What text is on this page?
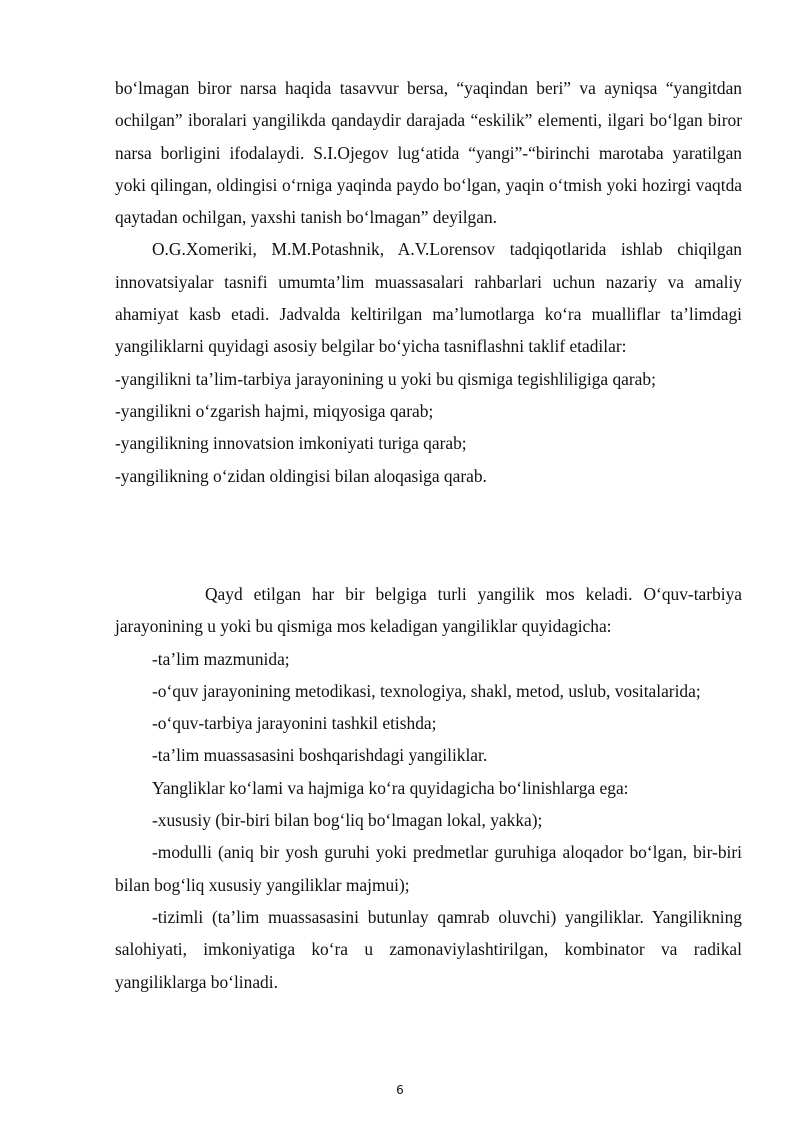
bo‘lmagan biror narsa haqida tasavvur bersa, “yaqindan beri” va ayniqsa “yangitdan ochilgan” iboralari yangilikda qandaydir darajada “eskilik” elementi, ilgari bo‘lgan biror narsa borligini ifodalaydi. S.I.Ojegov lug‘atida “yangi”-“birinchi marotaba yaratilgan yoki qilingan, oldingisi o‘rniga yaqinda paydo bo‘lgan, yaqin o‘tmish yoki hozirgi vaqtda qaytadan ochilgan, yaxshi tanish bo‘lmagan” deyilgan.

O.G.Xomeriki, M.M.Potashnik, A.V.Lorensov tadqiqotlarida ishlab chiqilgan innovatsiyalar tasnifi umumta’lim muassasalari rahbarlari uchun nazariy va amaliy ahamiyat kasb etadi. Jadvalda keltirilgan ma’lumotlarga ko‘ra mualliflar ta’limdagi yangiliklarni quyidagi asosiy belgilar bo‘yicha tasniflashni taklif etadilar:

-yangilikni ta’lim-tarbiya jarayonining u yoki bu qismiga tegishliligiga qarab;

-yangilikni o‘zgarish hajmi, miqyosiga qarab;

-yangilikning innovatsion imkoniyati turiga qarab;

-yangilikning o‘zidan oldingisi bilan aloqasiga qarab.

Qayd etilgan har bir belgiga turli yangilik mos keladi. O‘quv-tarbiya jarayonining u yoki bu qismiga mos keladigan yangiliklar quyidagicha:

-ta’lim mazmunida;

-o‘quv jarayonining metodikasi, texnologiya, shakl, metod, uslub, vositalarida;

-o‘quv-tarbiya jarayonini tashkil etishda;

-ta’lim muassasasini boshqarishdagi yangiliklar.

Yangliklar ko‘lami va hajmiga ko‘ra quyidagicha bo‘linishlarga ega:

-xususiy (bir-biri bilan bog‘liq bo‘lmagan lokal, yakka);

-modulli (aniq bir yosh guruhi yoki predmetlar guruhiga aloqador bo‘lgan, bir-biri bilan bog‘liq xususiy yangiliklar majmui);

-tizimli (ta’lim muassasasini butunlay qamrab oluvchi) yangiliklar. Yangilikning salohiyati, imkoniyatiga ko‘ra u zamonaviylashtirilgan, kombinator va radikal yangiliklarga bo‘linadi.

6
